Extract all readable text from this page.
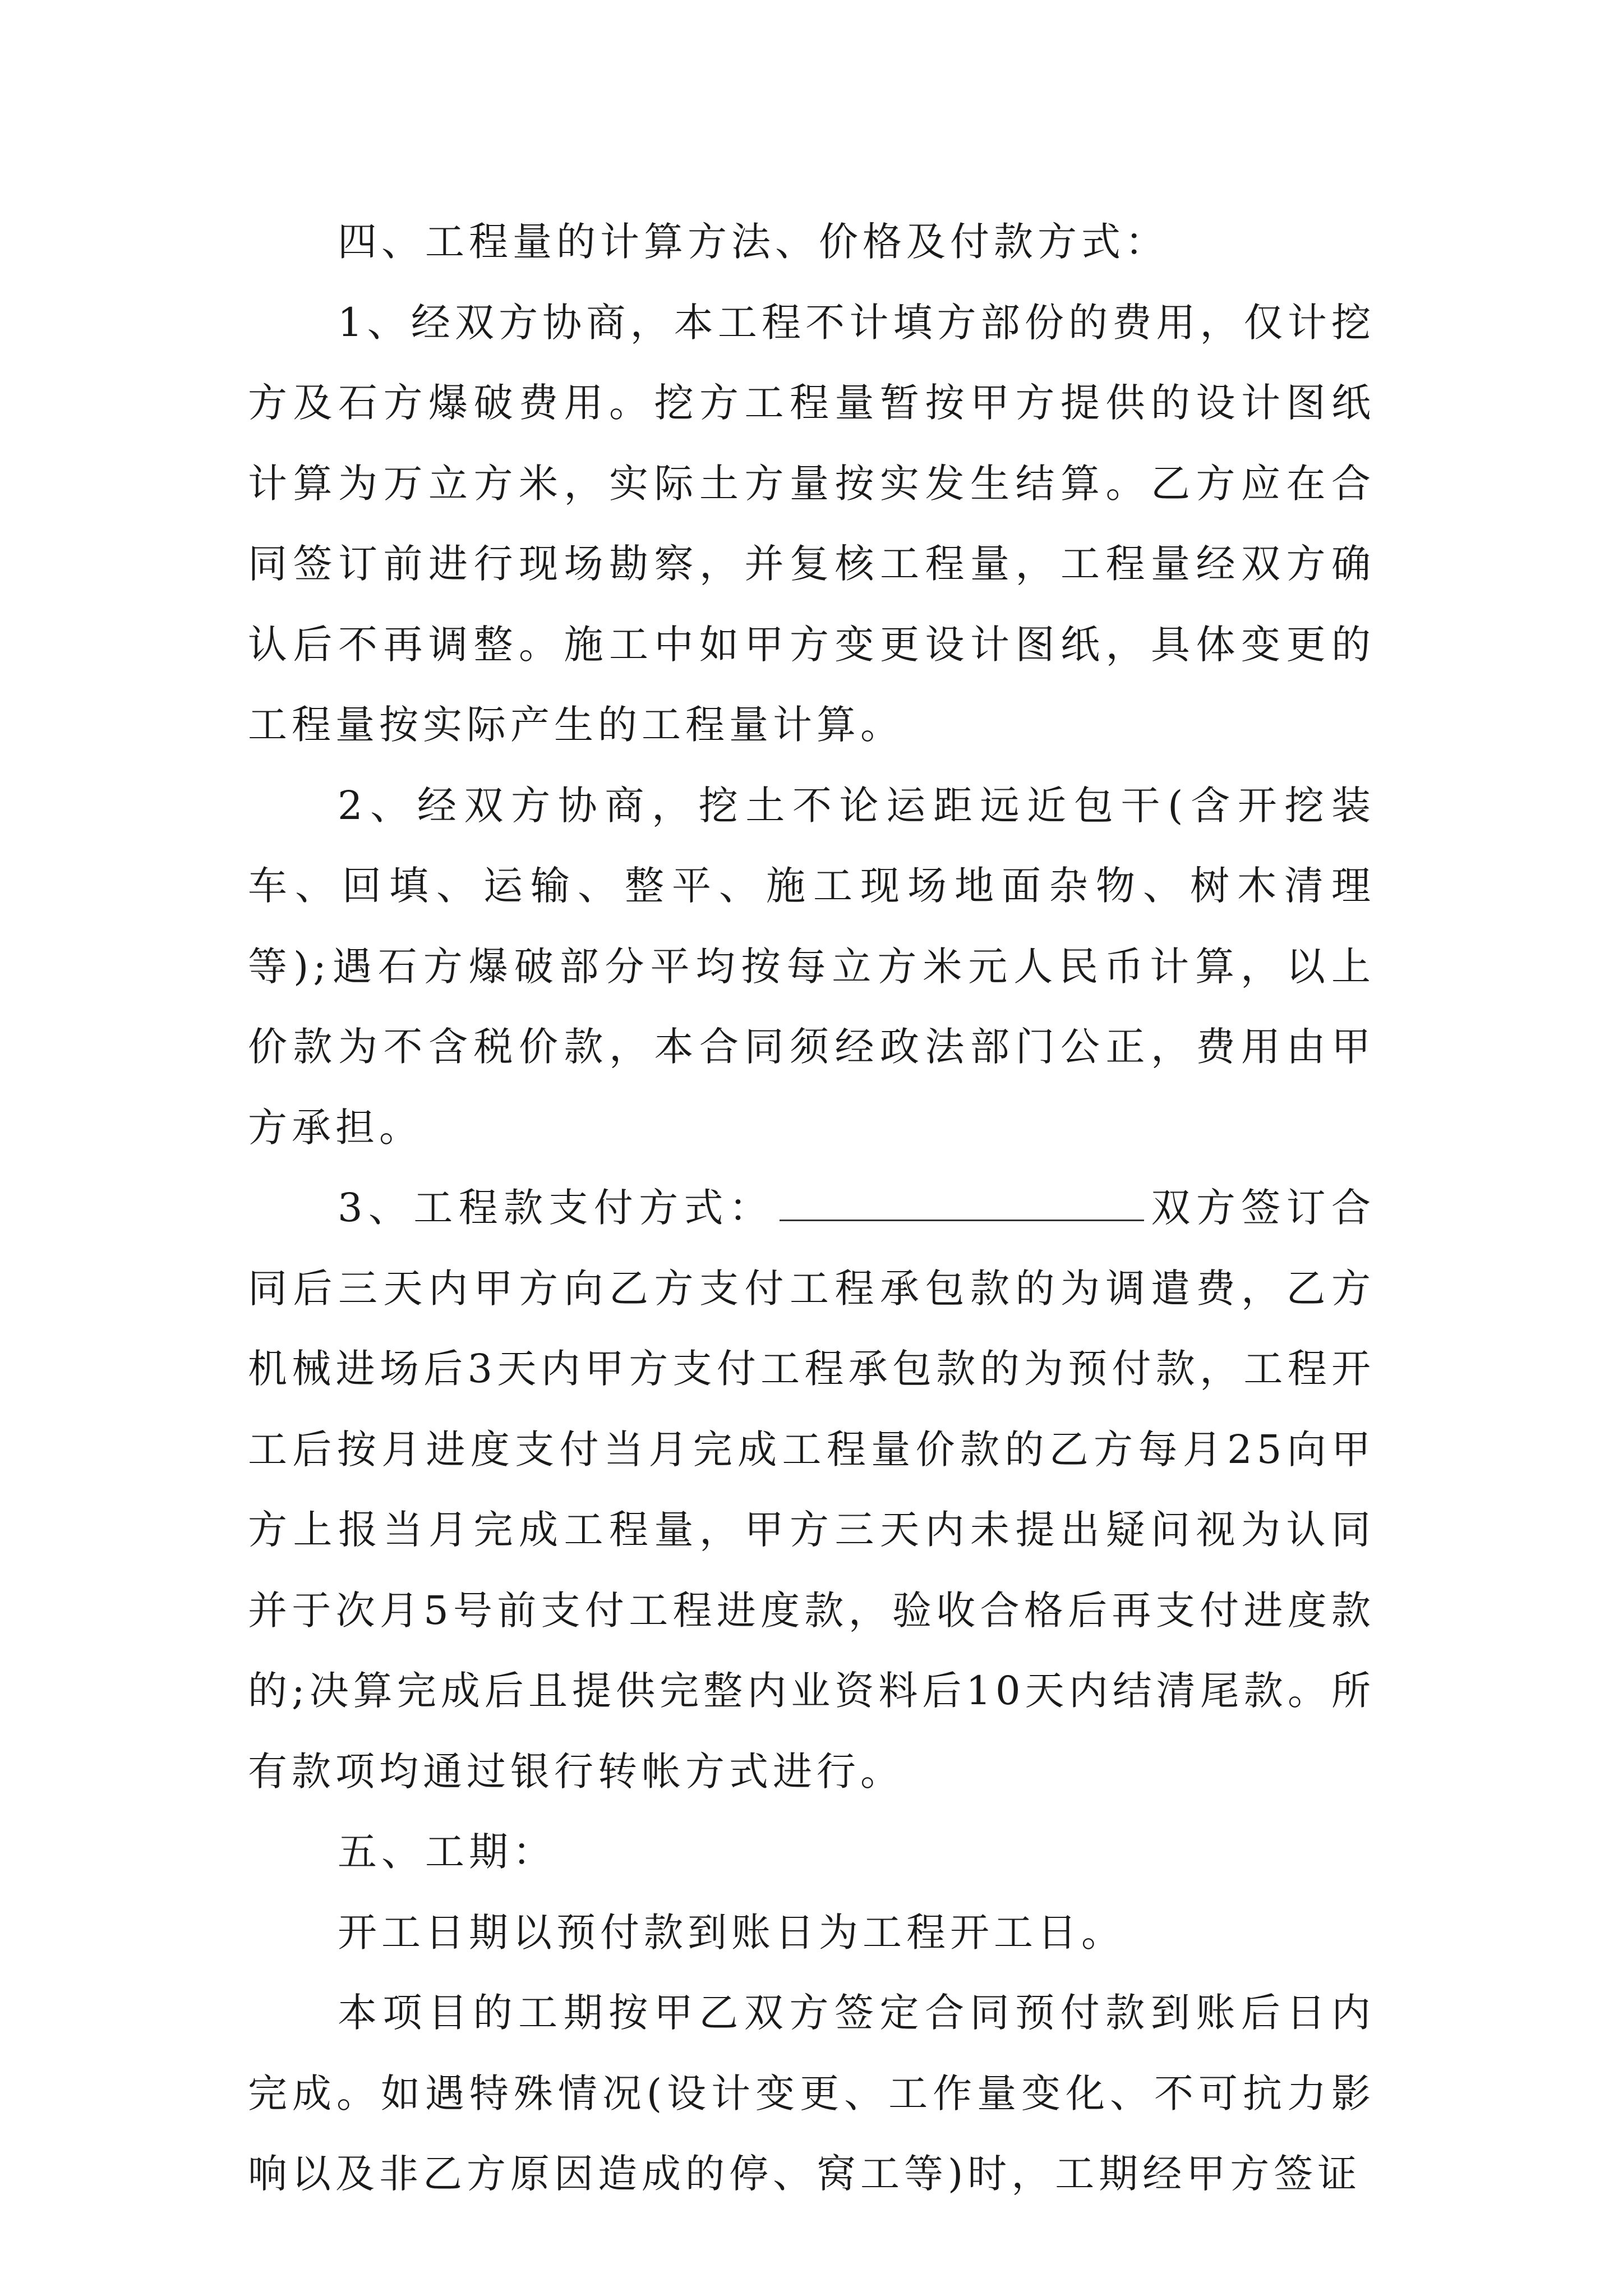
四、工程量的计算方法、价格及付款方式：

1、经双方协商，本工程不计填方部份的费用，仅计挖方及石方爆破费用。挖方工程量暂按甲方提供的设计图纸计算为万立方米，实际土方量按实发生结算。乙方应在合同签订前进行现场勘察，并复核工程量，工程量经双方确认后不再调整。施工中如甲方变更设计图纸，具体变更的工程量按实际产生的工程量计算。

2、经双方协商，挖土不论运距远近包干(含开挖装车、回填、运输、整平、施工现场地面杂物、树木清理等);遇石方爆破部分平均按每立方米元人民币计算，以上价款为不含税价款，本合同须经政法部门公正，费用由甲方承担。

3、工程款支付方式：	双方签订合同后三天内甲方向乙方支付工程承包款的为调遣费，乙方机械进场后3天内甲方支付工程承包款的为预付款，工程开工后按月进度支付当月完成工程量价款的乙方每月25向甲方上报当月完成工程量，甲方三天内未提出疑问视为认同并于次月5号前支付工程进度款，验收合格后再支付进度款的;决算完成后且提供完整内业资料后10天内结清尾款。所有款项均通过银行转帐方式进行。

五、工期：

开工日期以预付款到账日为工程开工日。

本项目的工期按甲乙双方签定合同预付款到账后日内完成。如遇特殊情况(设计变更、工作量变化、不可抗力影响以及非乙方原因造成的停、窝工等)时，工期经甲方签证
